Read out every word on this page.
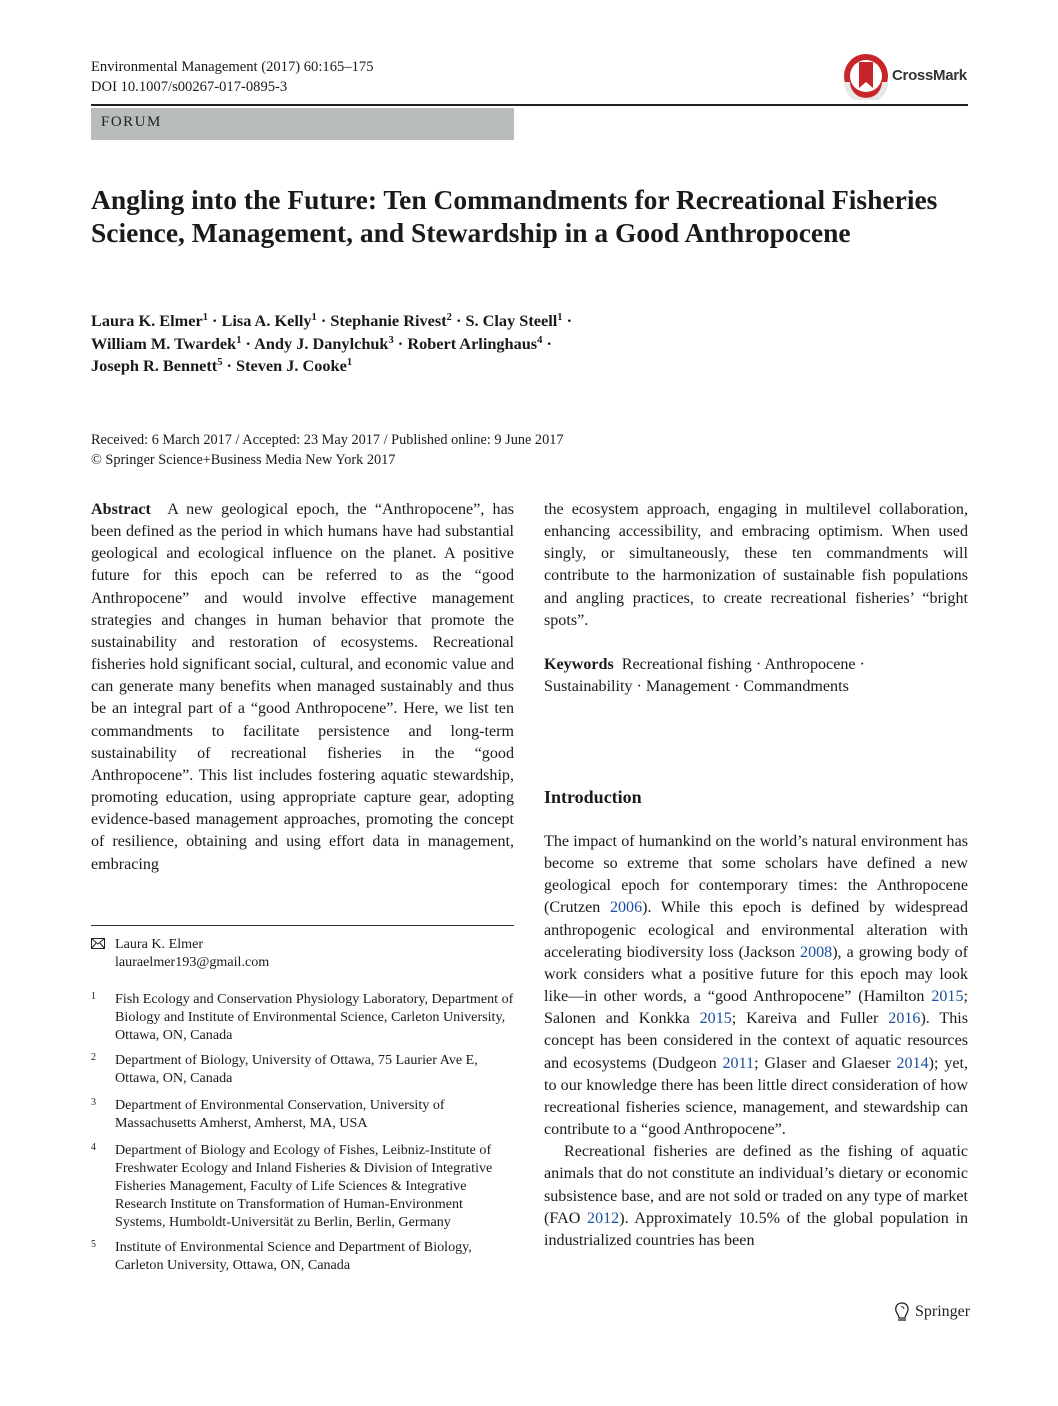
Environmental Management (2017) 60:165–175
DOI 10.1007/s00267-017-0895-3
CrossMark
FORUM
Angling into the Future: Ten Commandments for Recreational Fisheries Science, Management, and Stewardship in a Good Anthropocene
Laura K. Elmer$^1$ · Lisa A. Kelly$^1$ · Stephanie Rivest$^2$ · S. Clay Steell$^1$ ·
William M. Twardek$^1$ · Andy J. Danylchuk$^3$ · Robert Arlinghaus$^4$ ·
Joseph R. Bennett$^5$ · Steven J. Cooke$^1$
Received: 6 March 2017 / Accepted: 23 May 2017 / Published online: 9 June 2017
© Springer Science+Business Media New York 2017

Abstract A new geological epoch, the “Anthropocene”, has been defined as the period in which humans have had substantial geological and ecological influence on the planet. A positive future for this epoch can be referred to as the “good Anthropocene” and would involve effective management strategies and changes in human behavior that promote the sustainability and restoration of ecosystems. Recreational fisheries hold significant social, cultural, and economic value and can generate many benefits when managed sustainably and thus be an integral part of a “good Anthropocene”. Here, we list ten commandments to facilitate persistence and long-term sustainability of recreational fisheries in the “good Anthropocene”. This list includes fostering aquatic stewardship, promoting education, using appropriate capture gear, adopting evidence-based management approaches, promoting the concept of resilience, obtaining and using effort data in management, embracing

the ecosystem approach, engaging in multilevel collaboration, enhancing accessibility, and embracing optimism. When used singly, or simultaneously, these ten commandments will contribute to the harmonization of sustainable fish populations and angling practices, to create recreational fisheries’ “bright spots”.

Keywords Recreational fishing · Anthropocene ·
Sustainability · Management · Commandments
Introduction

The impact of humankind on the world’s natural environment has become so extreme that some scholars have defined a new geological epoch for contemporary times: the Anthropocene (Crutzen 2006). While this epoch is defined by widespread anthropogenic ecological and environmental alteration with accelerating biodiversity loss (Jackson 2008), a growing body of work considers what a positive future for this epoch may look like—in other words, a “good Anthropocene” (Hamilton 2015; Salonen and Konkka 2015; Kareiva and Fuller 2016). This concept has been considered in the context of aquatic resources and ecosystems (Dudgeon 2011; Glaser and Glaeser 2014); yet, to our knowledge there has been little direct consideration of how recreational fisheries science, management, and stewardship can contribute to a “good Anthropocene”.

Recreational fisheries are defined as the fishing of aquatic animals that do not constitute an individual’s dietary or economic subsistence base, and are not sold or traded on any type of market (FAO 2012). Approximately 10.5% of the global population in industrialized countries has been

Laura K. Elmer
lauraelmer193@gmail.com
1 Fish Ecology and Conservation Physiology Laboratory, Department of Biology and Institute of Environmental Science, Carleton University, Ottawa, ON, Canada
2 Department of Biology, University of Ottawa, 75 Laurier Ave E, Ottawa, ON, Canada
3 Department of Environmental Conservation, University of Massachusetts Amherst, Amherst, MA, USA
4 Department of Biology and Ecology of Fishes, Leibniz-Institute of Freshwater Ecology and Inland Fisheries & Division of Integrative Fisheries Management, Faculty of Life Sciences & Integrative Research Institute on Transformation of Human-Environment Systems, Humboldt-Universität zu Berlin, Berlin, Germany
5 Institute of Environmental Science and Department of Biology, Carleton University, Ottawa, ON, Canada
Springer
